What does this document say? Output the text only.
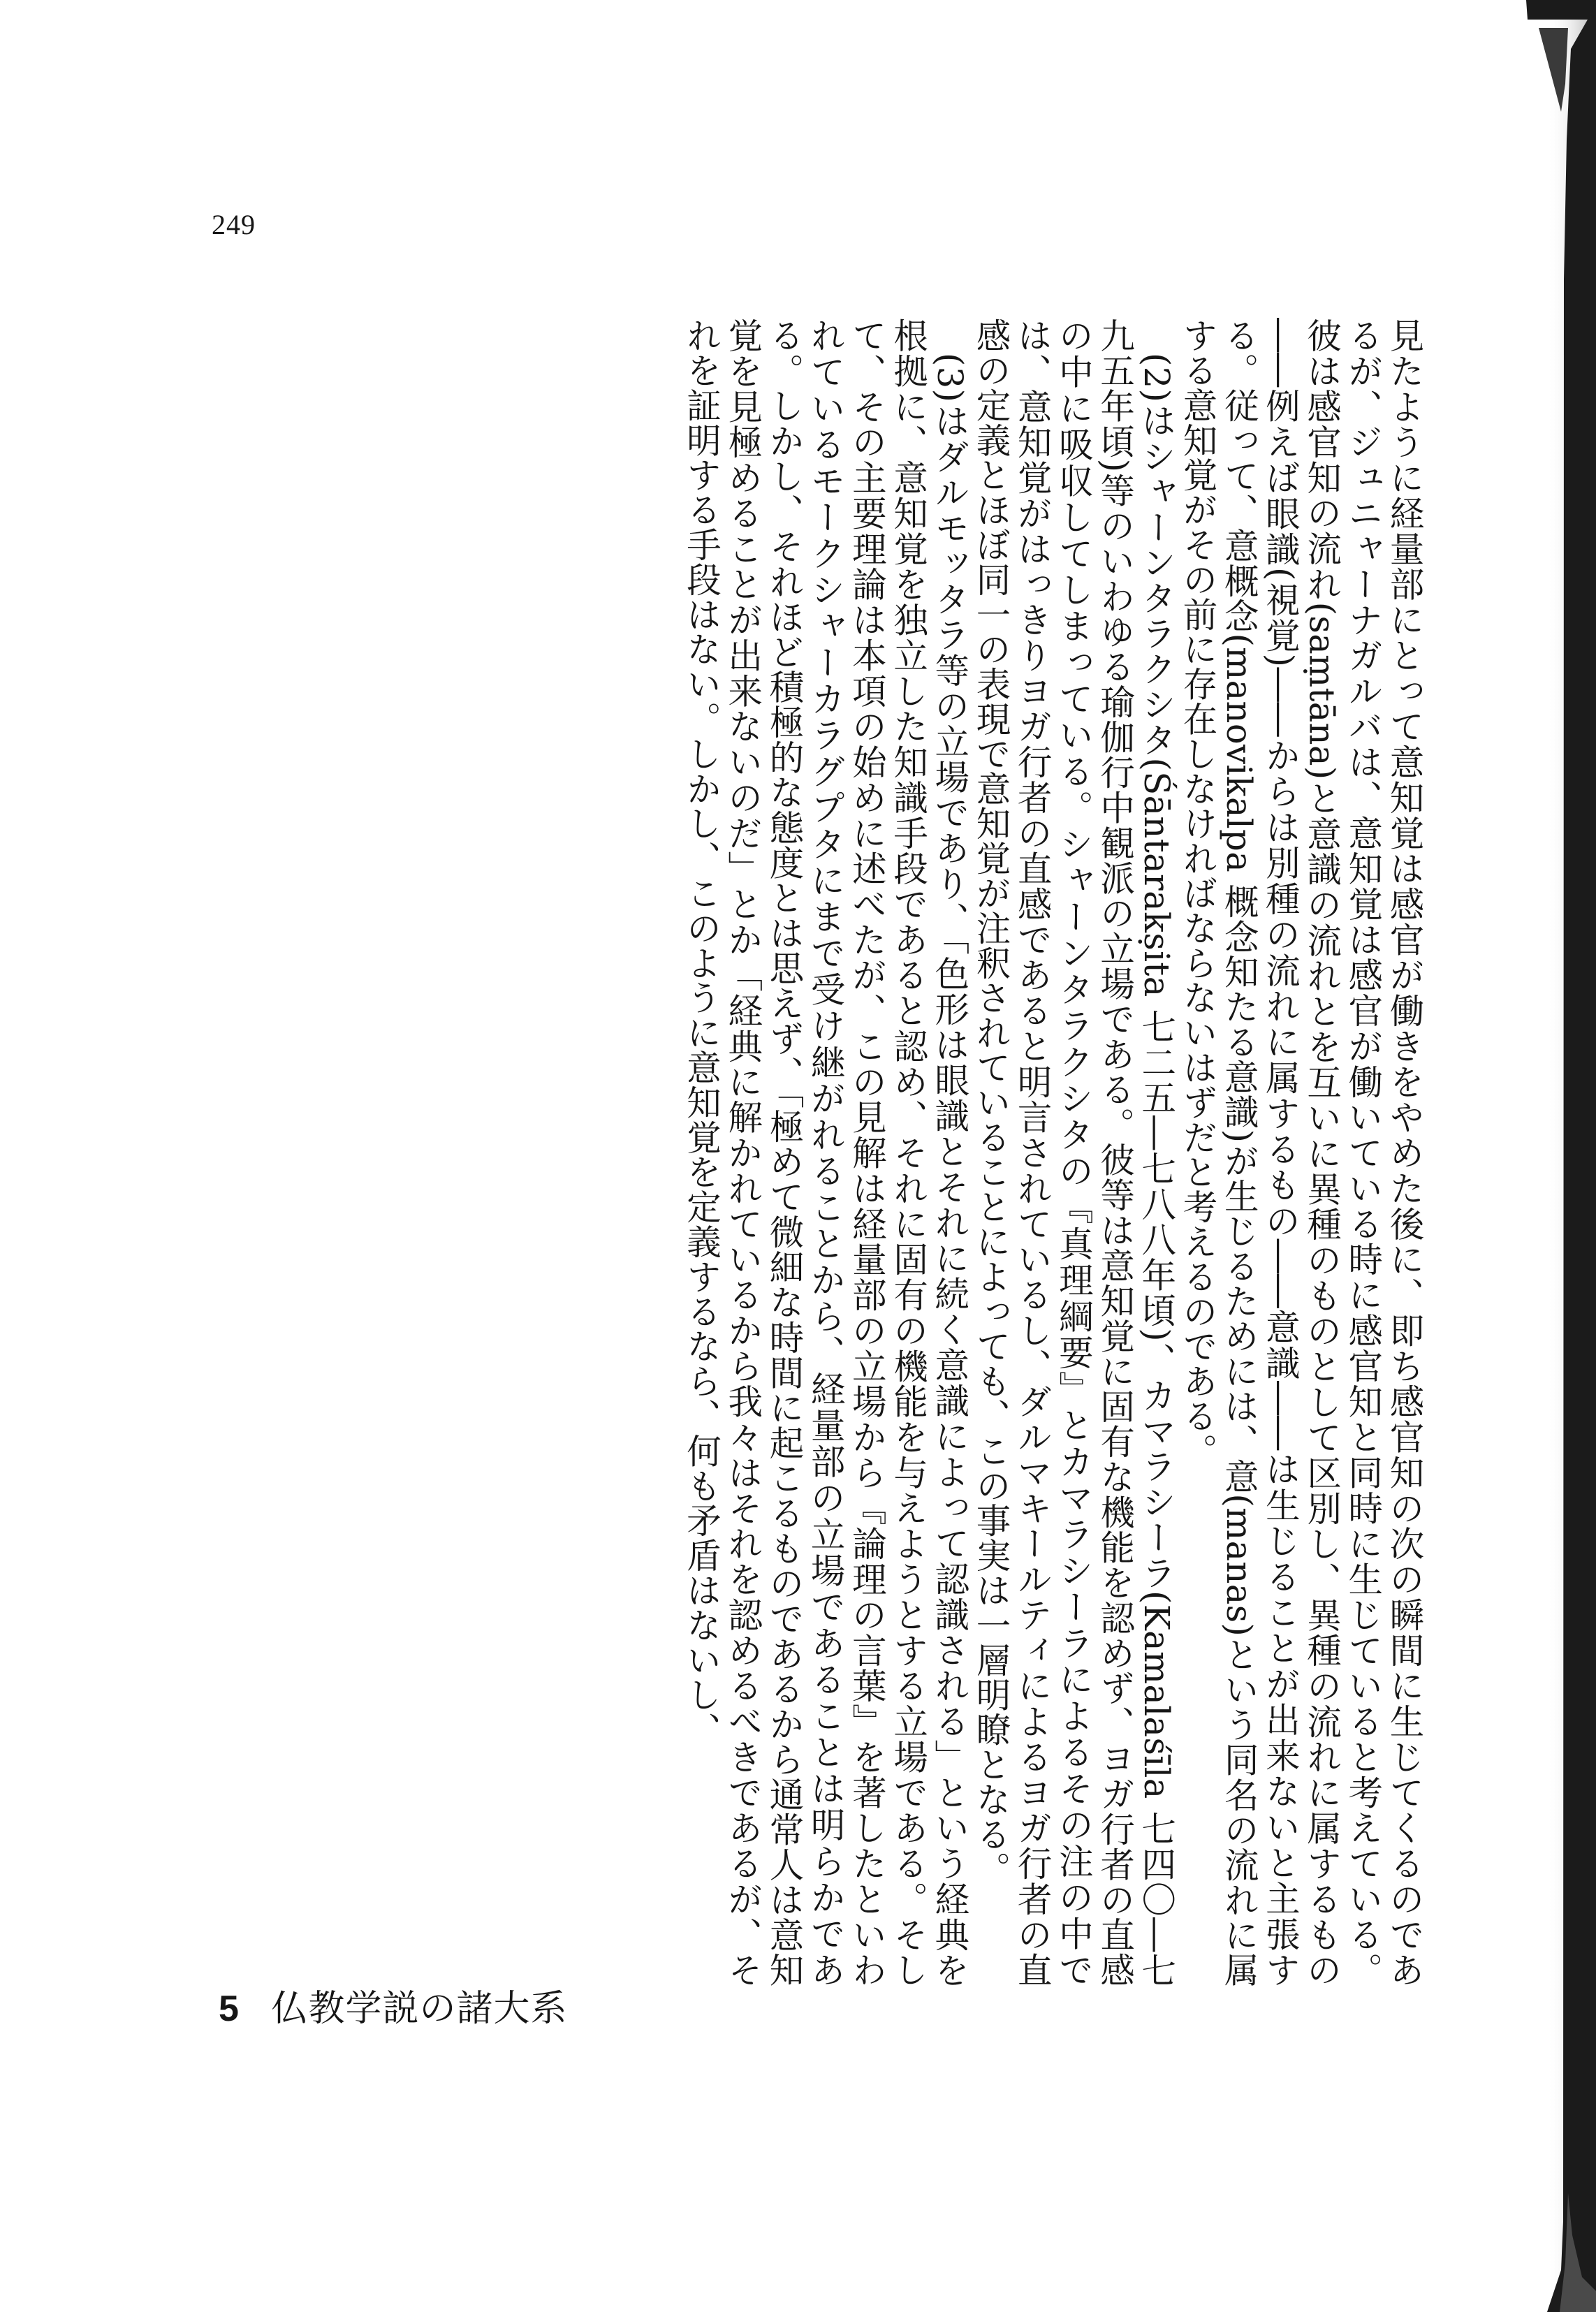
249

見たように経量部にとって意知覚は感官が働きをやめた後に、即ち感官知の次の瞬間に生じてくるのであるが、ジュニャーナガルバは、意知覚は感官が働いている時に感官知と同時に生じていると考えている。彼は感官知の流れ(saṃtāna)と意識の流れとを互いに異種のものとして区別し、異種の流れに属するもの――例えば眼識(視覚)――からは別種の流れに属するもの――意識――は生じることが出来ないと主張する。従って、意概念(manovikalpa 概念知たる意識)が生じるためには、意(manas)という同名の流れに属する意知覚がその前に存在しなければならないはずだと考えるのである。

(2)はシャーンタラクシタ(Śāntarakṣita 七二五―七八八年頃)、カマラシーラ(Kamalaśīla 七四〇―七九五年頃)等のいわゆる瑜伽行中観派の立場である。彼等は意知覚に固有な機能を認めず、ヨガ行者の直感の中に吸収してしまっている。シャーンタラクシタの『真理綱要』とカマラシーラによるその注の中では、意知覚がはっきりヨガ行者の直感であると明言されているし、ダルマキールティによるヨガ行者の直感の定義とほぼ同一の表現で意知覚が注釈されていることによっても、この事実は一層明瞭となる。

(3)はダルモッタラ等の立場であり、「色形は眼識とそれに続く意識によって認識される」という経典を根拠に、意知覚を独立した知識手段であると認め、それに固有の機能を与えようとする立場である。そして、その主要理論は本項の始めに述べたが、この見解は経量部の立場から『論理の言葉』を著したといわれているモークシャーカラグプタにまで受け継がれることから、経量部の立場であることは明らかである。しかし、それほど積極的な態度とは思えず、「極めて微細な時間に起こるものであるから通常人は意知覚を見極めることが出来ないのだ」とか「経典に解かれているから我々はそれを認めるべきであるが、それを証明する手段はない。しかし、このように意知覚を定義するなら、何も矛盾はないし、

5 仏教学説の諸大系
